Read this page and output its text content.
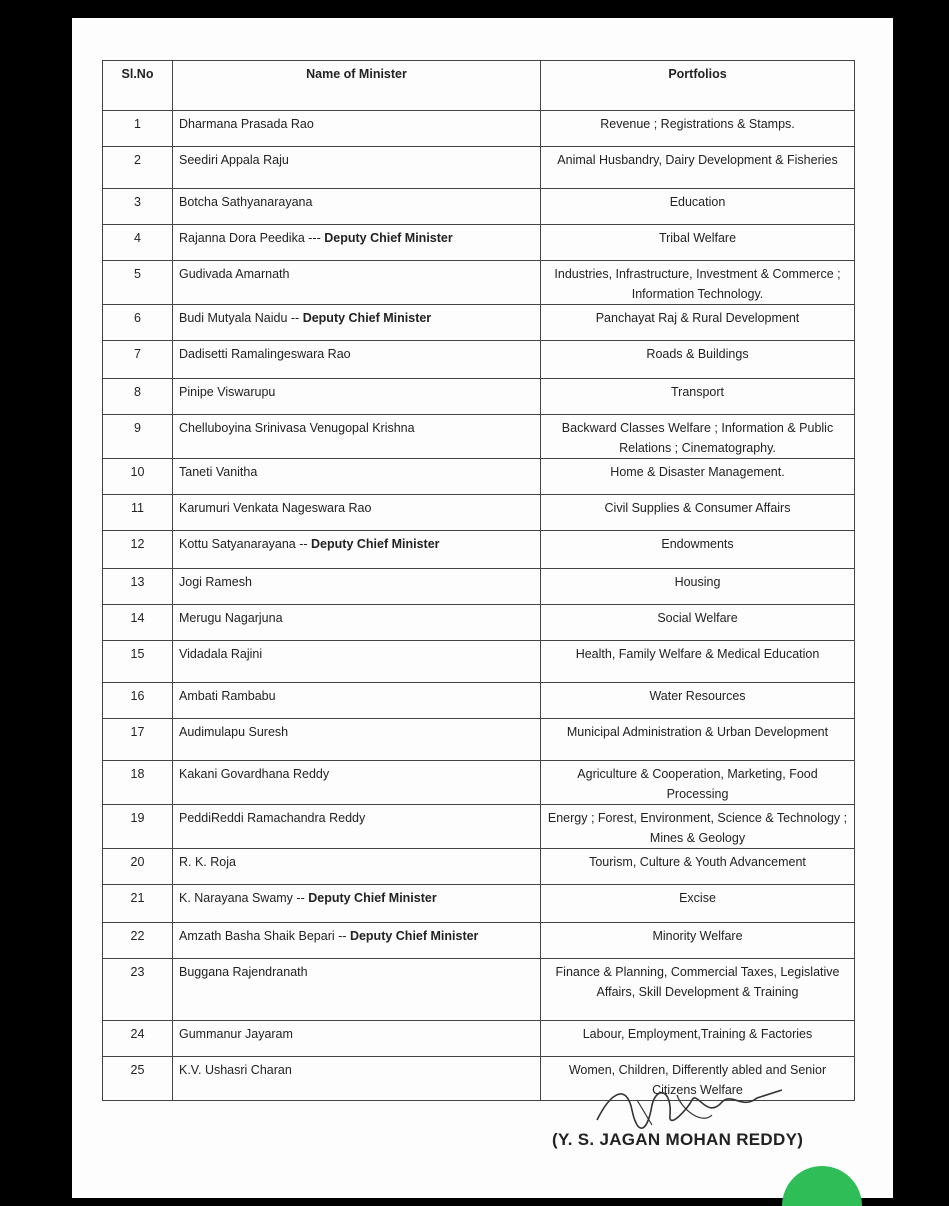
Sl.No	Name of Minister	Portfolios
1	Dharmana Prasada Rao	Revenue ; Registrations & Stamps.
2	Seediri Appala Raju	Animal Husbandry, Dairy Development & Fisheries
3	Botcha Sathyanarayana	Education
4	Rajanna Dora Peedika --- Deputy Chief Minister	Tribal Welfare
5	Gudivada Amarnath	Industries, Infrastructure, Investment & Commerce ; Information Technology.
6	Budi Mutyala Naidu -- Deputy Chief Minister	Panchayat Raj & Rural Development
7	Dadisetti Ramalingeswara Rao	Roads & Buildings
8	Pinipe Viswarupu	Transport
9	Chelluboyina Srinivasa Venugopal Krishna	Backward Classes Welfare ; Information & Public Relations ; Cinematography.
10	Taneti Vanitha	Home & Disaster Management.
11	Karumuri Venkata Nageswara Rao	Civil Supplies & Consumer Affairs
12	Kottu Satyanarayana -- Deputy Chief Minister	Endowments
13	Jogi Ramesh	Housing
14	Merugu Nagarjuna	Social Welfare
15	Vidadala Rajini	Health, Family Welfare & Medical Education
16	Ambati Rambabu	Water Resources
17	Audimulapu Suresh	Municipal Administration & Urban Development
18	Kakani Govardhana Reddy	Agriculture & Cooperation, Marketing, Food Processing
19	PeddiReddi Ramachandra Reddy	Energy ; Forest, Environment, Science & Technology ; Mines & Geology
20	R. K. Roja	Tourism, Culture & Youth Advancement
21	K. Narayana Swamy -- Deputy Chief Minister	Excise
22	Amzath Basha Shaik Bepari -- Deputy Chief Minister	Minority Welfare
23	Buggana Rajendranath	Finance & Planning, Commercial Taxes, Legislative Affairs, Skill Development & Training
24	Gummanur Jayaram	Labour, Employment,Training & Factories
25	K.V. Ushasri Charan	Women, Children, Differently abled and Senior Citizens Welfare
(Y. S. JAGAN MOHAN REDDY)
